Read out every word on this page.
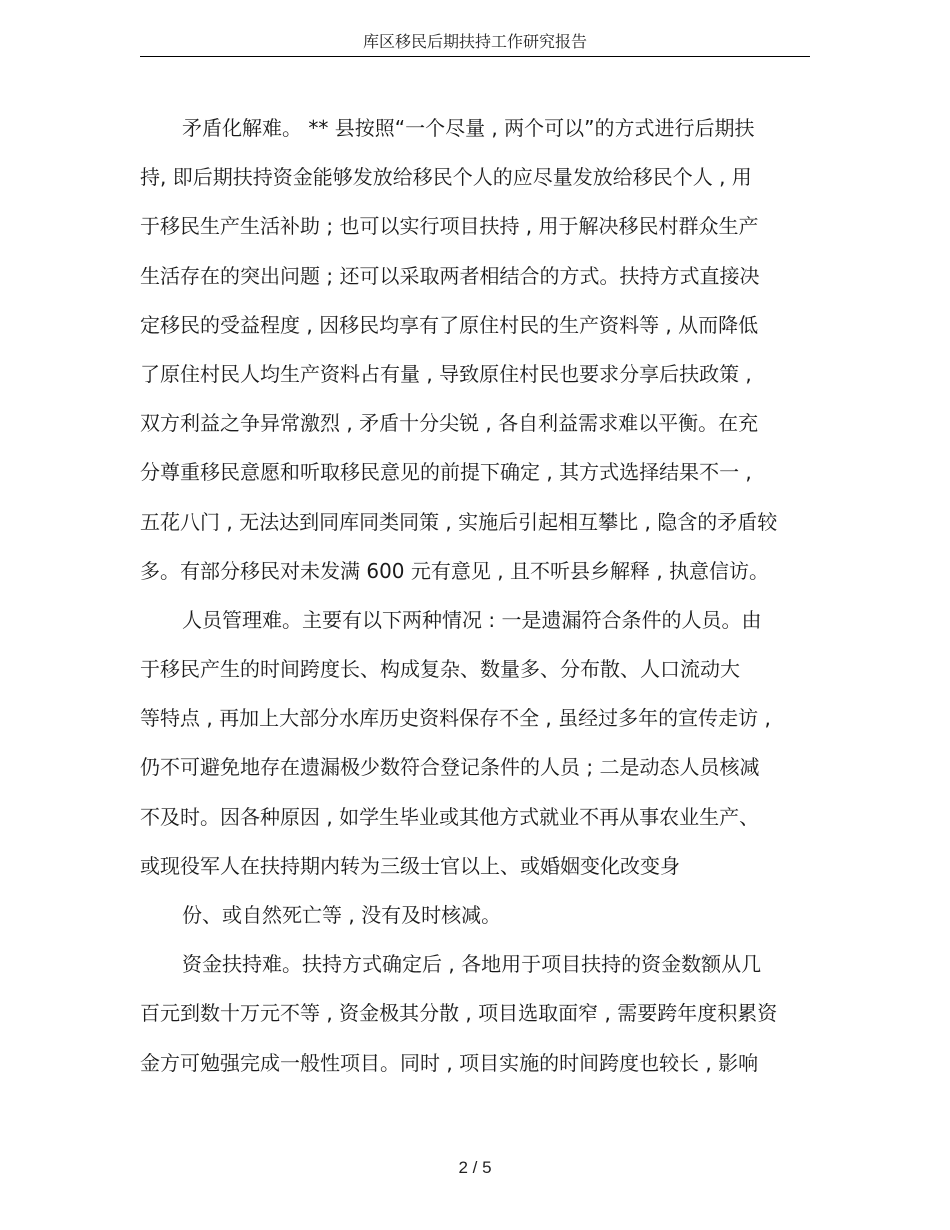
库区移民后期扶持工作研究报告
矛盾化解难。 ** 县按照“一个尽量 , 两个可以”的方式进行后期扶
持, 即后期扶持资金能够发放给移民个人的应尽量发放给移民个人 , 用
于移民生产生活补助 ; 也可以实行项目扶持 , 用于解决移民村群众生产
生活存在的突出问题 ; 还可以采取两者相结合的方式。扶持方式直接决
定移民的受益程度 , 因移民均享有了原住村民的生产资料等 , 从而降低
了原住村民人均生产资料占有量 , 导致原住村民也要求分享后扶政策 ,
双方利益之争异常激烈 , 矛盾十分尖锐 , 各自利益需求难以平衡。在充
分尊重移民意愿和听取移民意见的前提下确定 , 其方式选择结果不一 ,
五花八门 , 无法达到同库同类同策 , 实施后引起相互攀比 , 隐含的矛盾较
多。有部分移民对未发满 600 元有意见 , 且不听县乡解释 , 执意信访。
人员管理难。主要有以下两种情况 : 一是遗漏符合条件的人员。由
于移民产生的时间跨度长、构成复杂、数量多、分布散、人口流动大
等特点 , 再加上大部分水库历史资料保存不全 , 虽经过多年的宣传走访 ,
仍不可避免地存在遗漏极少数符合登记条件的人员 ; 二是动态人员核减
不及时。因各种原因 , 如学生毕业或其他方式就业不再从事农业生产、
或现役军人在扶持期内转为三级士官以上、或婚姻变化改变身
份、或自然死亡等 , 没有及时核减。
资金扶持难。扶持方式确定后 , 各地用于项目扶持的资金数额从几
百元到数十万元不等 , 资金极其分散 , 项目选取面窄 , 需要跨年度积累资
金方可勉强完成一般性项目。同时 , 项目实施的时间跨度也较长 , 影响
2 / 5
